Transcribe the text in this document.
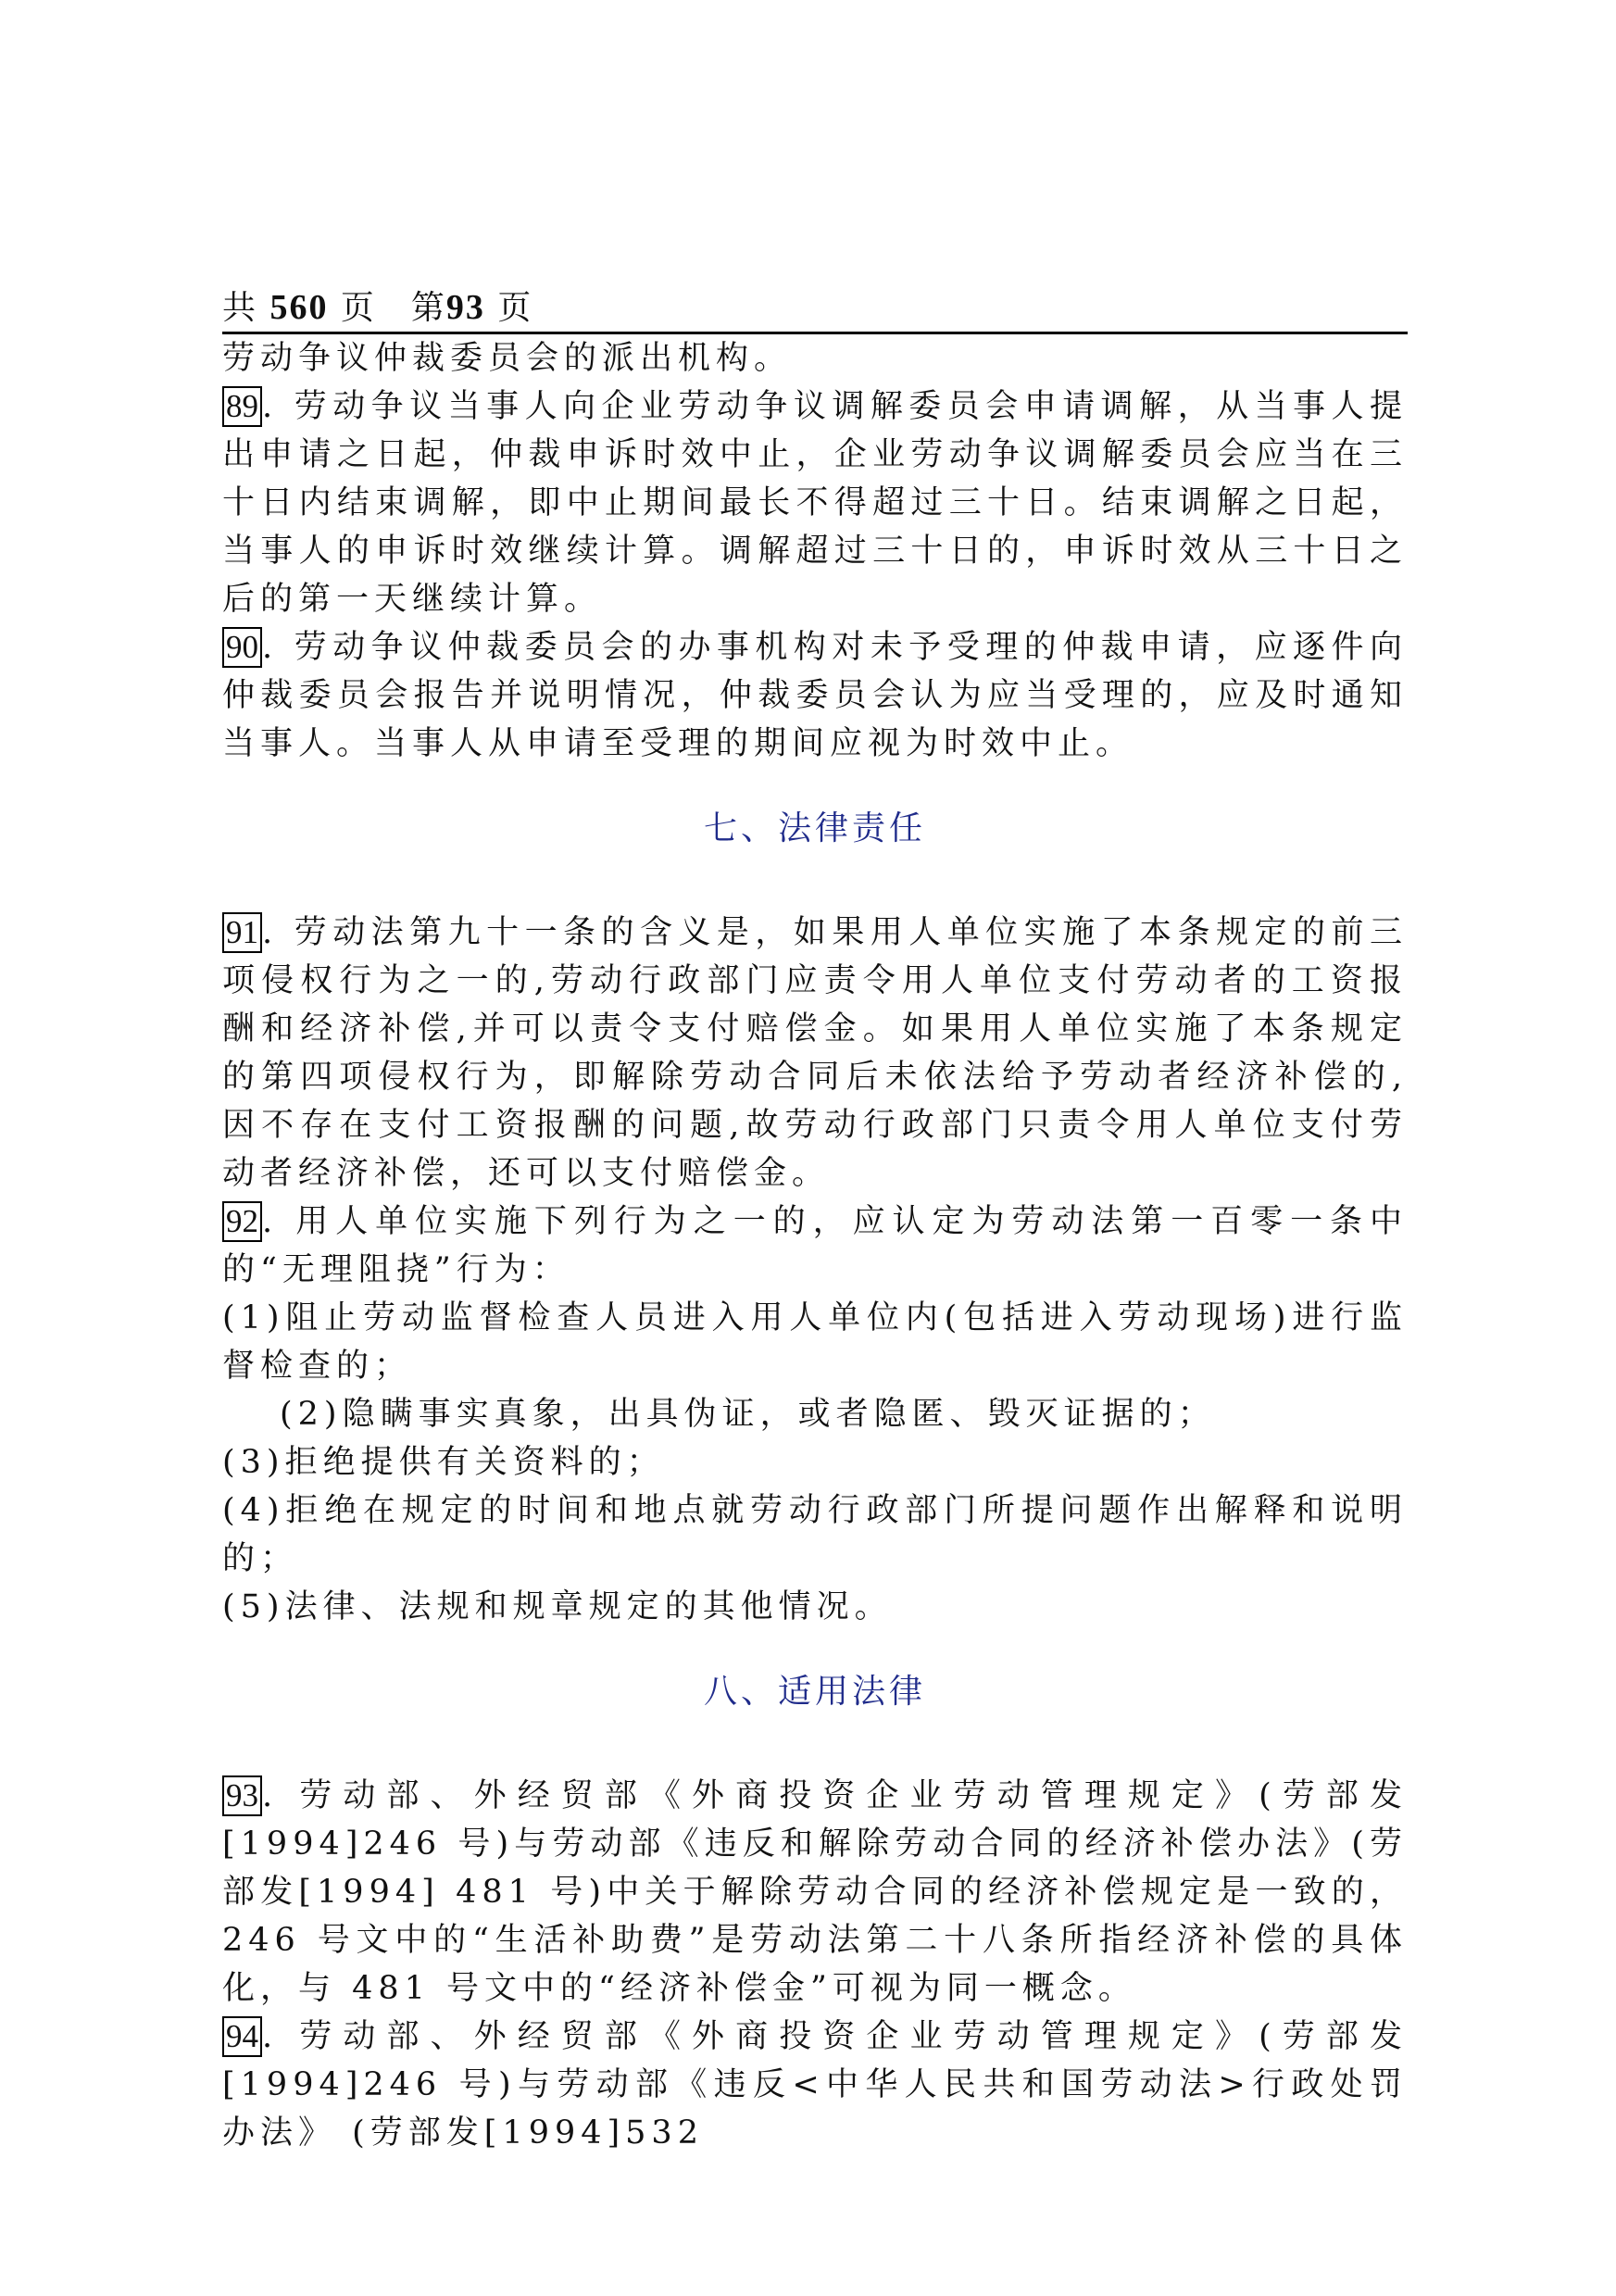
共 560 页　第93 页

劳动争议仲裁委员会的派出机构。

89 . 劳动争议当事人向企业劳动争议调解委员会申请调解，从当事人提出申请之日起，仲裁申诉时效中止，企业劳动争议调解委员会应当在三十日内结束调解，即中止期间最长不得超过三十日。结束调解之日起，当事人的申诉时效继续计算。调解超过三十日的，申诉时效从三十日之后的第一天继续计算。

90 . 劳动争议仲裁委员会的办事机构对未予受理的仲裁申请，应逐件向仲裁委员会报告并说明情况，仲裁委员会认为应当受理的，应及时通知当事人。当事人从申请至受理的期间应视为时效中止。

七、法律责任

91 . 劳动法第九十一条的含义是，如果用人单位实施了本条规定的前三项侵权行为之一的,劳动行政部门应责令用人单位支付劳动者的工资报酬和经济补偿,并可以责令支付赔偿金。如果用人单位实施了本条规定的第四项侵权行为，即解除劳动合同后未依法给予劳动者经济补偿的,因不存在支付工资报酬的问题,故劳动行政部门只责令用人单位支付劳动者经济补偿，还可以支付赔偿金。

92 . 用人单位实施下列行为之一的，应认定为劳动法第一百零一条中的“无理阻挠”行为：

(1)阻止劳动监督检查人员进入用人单位内(包括进入劳动现场)进行监督检查的；

(2)隐瞒事实真象，出具伪证，或者隐匿、毁灭证据的；

(3)拒绝提供有关资料的；

(4)拒绝在规定的时间和地点就劳动行政部门所提问题作出解释和说明的；

(5)法律、法规和规章规定的其他情况。

八、适用法律

93 . 劳动部、外经贸部《外商投资企业劳动管理规定》(劳部发[1994]246 号)与劳动部《违反和解除劳动合同的经济补偿办法》(劳部发[1994] 481 号)中关于解除劳动合同的经济补偿规定是一致的，246 号文中的“生活补助费”是劳动法第二十八条所指经济补偿的具体化，与 481 号文中的“经济补偿金”可视为同一概念。

94 . 劳动部、外经贸部《外商投资企业劳动管理规定》(劳部发[1994]246 号)与劳动部《违反<中华人民共和国劳动法>行政处罚办法》 (劳部发[1994]532
